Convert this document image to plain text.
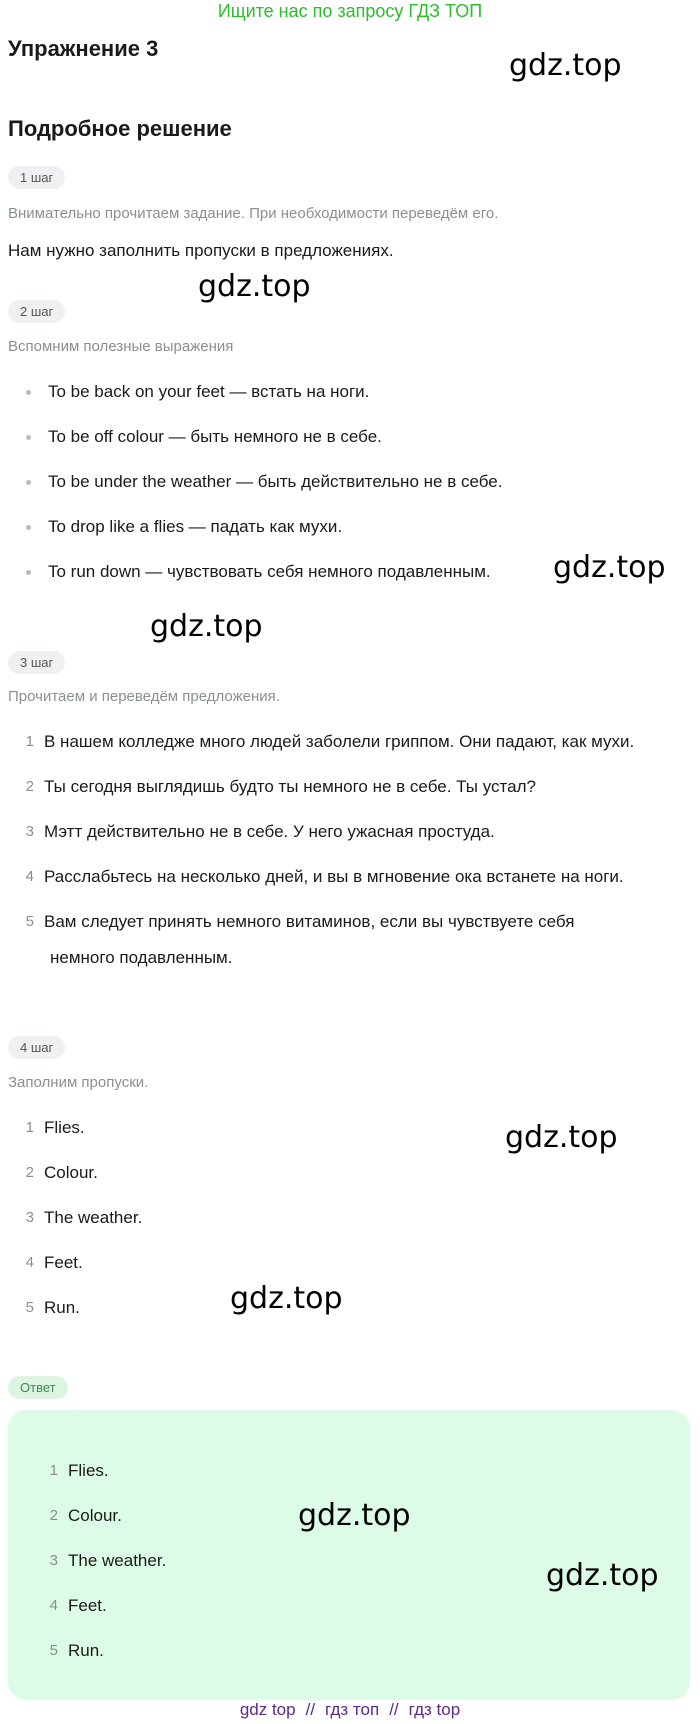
Ищите нас по запросу ГДЗ ТОП
Упражнение 3
Подробное решение
1 шаг
Внимательно прочитаем задание. При необходимости переведём его.
Нам нужно заполнить пропуски в предложениях.
2 шаг
Вспомним полезные выражения
To be back on your feet — встать на ноги.
To be off colour — быть немного не в себе.
To be under the weather — быть действительно не в себе.
To drop like a flies — падать как мухи.
To run down — чувствовать себя немного подавленным.
3 шаг
Прочитаем и переведём предложения.
1 В нашем колледже много людей заболели гриппом. Они падают, как мухи.
2 Ты сегодня выглядишь будто ты немного не в себе. Ты устал?
3 Мэтт действительно не в себе. У него ужасная простуда.
4 Расслабьтесь на несколько дней, и вы в мгновение ока встанете на ноги.
5 Вам следует принять немного витаминов, если вы чувствуете себя
немного подавленным.
4 шаг
Заполним пропуски.
1 Flies.
2 Colour.
3 The weather.
4 Feet.
5 Run.
Ответ
1 Flies.
2 Colour.
3 The weather.
4 Feet.
5 Run.
gdz.top
gdz.top
gdz.top
gdz.top
gdz.top
gdz.top
gdz.top
gdz.top
gdz top // гдз топ // гдз top
